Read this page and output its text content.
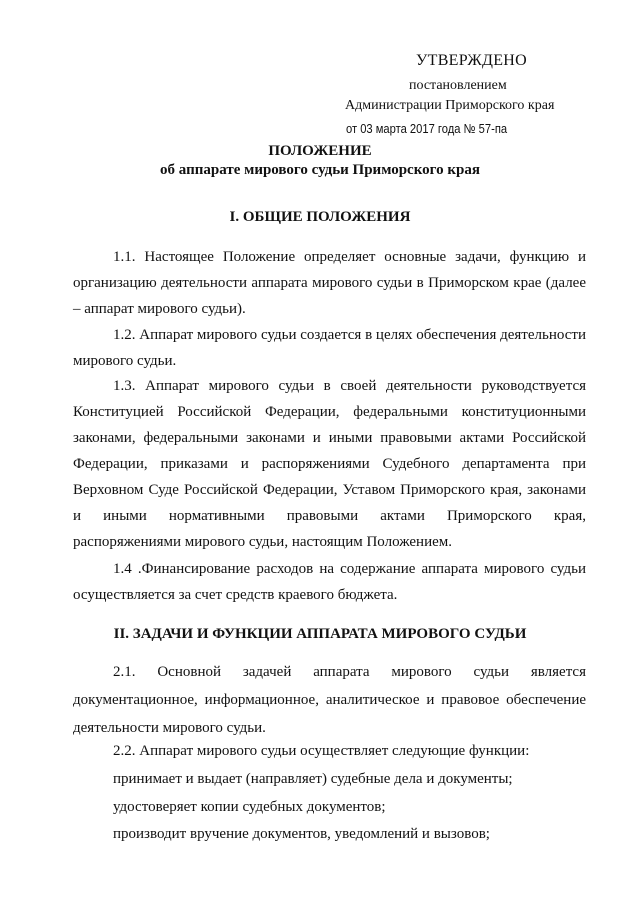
УТВЕРЖДЕНО
постановлением
Администрации Приморского края
от 03 марта 2017 года № 57-па
ПОЛОЖЕНИЕ
об аппарате мирового судьи Приморского края
I. ОБЩИЕ ПОЛОЖЕНИЯ
1.1. Настоящее Положение определяет основные задачи, функцию и организацию деятельности аппарата мирового судьи в Приморском крае (далее – аппарат мирового судьи).
1.2. Аппарат мирового судьи создается в целях обеспечения деятельности мирового судьи.
1.3. Аппарат мирового судьи в своей деятельности руководствуется Конституцией Российской Федерации, федеральными конституционными законами, федеральными законами и иными правовыми актами Российской Федерации, приказами и распоряжениями Судебного департамента при Верховном Суде Российской Федерации, Уставом Приморского края, законами и иными нормативными правовыми актами Приморского края, распоряжениями мирового судьи, настоящим Положением.
1.4 .Финансирование расходов на содержание аппарата мирового судьи осуществляется за счет средств краевого бюджета.
II. ЗАДАЧИ И ФУНКЦИИ АППАРАТА МИРОВОГО СУДЬИ
2.1. Основной задачей аппарата мирового судьи является документационное, информационное, аналитическое и правовое обеспечение деятельности мирового судьи.
2.2. Аппарат мирового судьи осуществляет следующие функции:
принимает и выдает (направляет) судебные дела и документы;
удостоверяет копии судебных документов;
производит вручение документов, уведомлений и вызовов;
